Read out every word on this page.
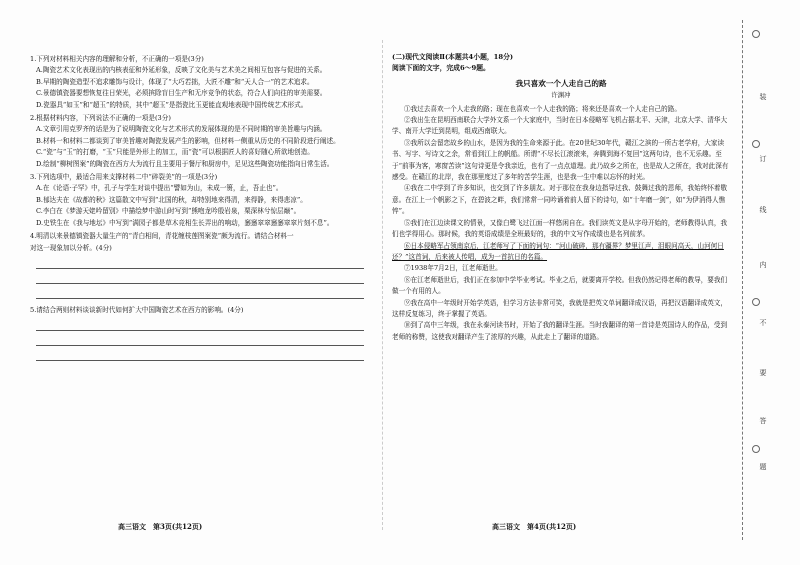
1.下列对材料相关内容的理解和分析，不正确的一项是(3分)
A.陶瓷艺术文化表现出的内核表征和外延形象，反映了文化美与艺术美之间相互包容与促进的关系。
B.早期的陶瓷造型不追求雕饰与设计，体现了“大巧若拙，大匠不雕”和“天人合一”的艺术追求。
C.景德镇瓷器要想恢复往日荣光，必须摈除盲目生产和无序竞争的状态，符合人们向往的审美需要。
D.瓷器具“如玉”和“超玉”的特质，其中“超玉”是指瓷比玉更能直观地表现中国传统艺术形式。
2.根据材料内容，下列说法不正确的一项是(3分)
A.文章引用克罗齐的话是为了说明陶瓷文化与艺术形式的发展体现的是不同时期的审美旨趣与内涵。
B.材料一和材料二都谈到了审美旨趣对陶瓷发展产生的影响，但材料一侧重从历史的不同阶段进行阐述。
C.“瓷”与“玉”的打磨，“玉”只能是外形上的加工，而“瓷”可以根据匠人的喜好随心所欲地创造。
D.绘制“柳树图案”的陶瓷在西方大为流行且主要用于餐厅和厨房中，足见这些陶瓷功能指向日常生活。
3.下列选项中，最适合用来支撑材料二中“碎裂美”的一项是(3分)
A.在《论语·子罕》中，孔子与学生对谈中提出“譬如为山，未成一篑，止，吾止也”。
B.郁达夫在《故都的秋》这篇散文中写到“北国的秋，却特别地来得清，来得静，来得悲凉”。
C.李白在《梦游天姥吟留别》中描绘梦中游山时写到“熊咆龙吟殷岩泉，栗深林兮惊层巅”。
D.史铁生在《我与地坛》中写到“满园子都是草木竞相生长弄出的响动，窸窸窣窣窸窸窣窣片刻不息”。
4.明清以来景德镇瓷器大量生产的“青白相间，青花缠枝莲图案瓷”颇为流行。请结合材料一
对这一现象加以分析。(4分)
5.请结合两则材料谈谈新时代如何扩大中国陶瓷艺术在西方的影响。(4分)
(二)现代文阅读Ⅱ(本题共4小题，18分)
阅读下面的文字，完成6～9题。
我只喜欢一个人走自己的路
许渊冲
①我过去喜欢一个人走我的路；现在也喜欢一个人走我的路；将来还是喜欢一个人走自己的路。
②我出生在昆明西南联合大学外文系一个大家庭中，当时在日本侵略军飞机占据北平、天津，北京大学、清华大学、南开大学迁到昆明，组成西南联大。
③我所以会留恋故乡的山水，是因为我的生命来源于此。在20世纪30年代，赣江之滨的一所古老学府，大家读书、写字、写诗文之余，常看到江上的帆船。所谓“不尽长江滚滚来，奔腾到海不复回”这两句诗，也不无乐趣。至于“前事为客，寒窗苦读”这句诗更是令我亲近，也有了一点点道理。此乃故乡之所在，也是故人之所在，我对此深有感受。在赣江的北岸，我在那里度过了多年的苦学生涯，也是我一生中难以忘怀的时光。
④我在二中学到了许多知识，也交到了许多朋友。对于那位在我身边指导过我、鼓舞过我的恩师，我始终怀着敬意。在江上一个帆影之下，在碧波之畔，我们常常一同吟诵着前人留下的诗句，如“十年磨一剑”，如“为伊消得人憔悴”。
⑤我们在江边读课文的情景，又像白鹭飞过江面一样悠闲自在。我们读英文是从字母开始的，老师教得认真，我们也学得用心。那时候，我的英语成绩是全班最好的，我的中文写作成绩也是名列前茅。
⑥日本侵略军占领南京后，江老师写了下面的词句：“河山破碎，那有疆界？梦里江声，泪眼问高天，山河何日还？”这首词，后来被人传唱，成为一首抗日的名篇。
⑦1938年7月2日，江老师逝世。
⑧在江老师逝世后，我们正在参加中学毕业考试。毕业之后，就要离开学校。但我仍然记得老师的教导，要我们做一个有用的人。
⑨我在高中一年级时开始学英语，但学习方法非常可笑，我就是把英文单词翻译成汉语，再把汉语翻译成英文，这样反复练习，终于掌握了英语。
⑩到了高中三年级，我在永泰河读书时，开始了我的翻译生涯。当时我翻译的第一首诗是英国诗人的作品，受到老师的称赞，这使我对翻译产生了浓厚的兴趣，从此走上了翻译的道路。
高三语文　第3页(共12页)	高三语文　第4页(共12页)
装
订
线
内
不
要
答
题
